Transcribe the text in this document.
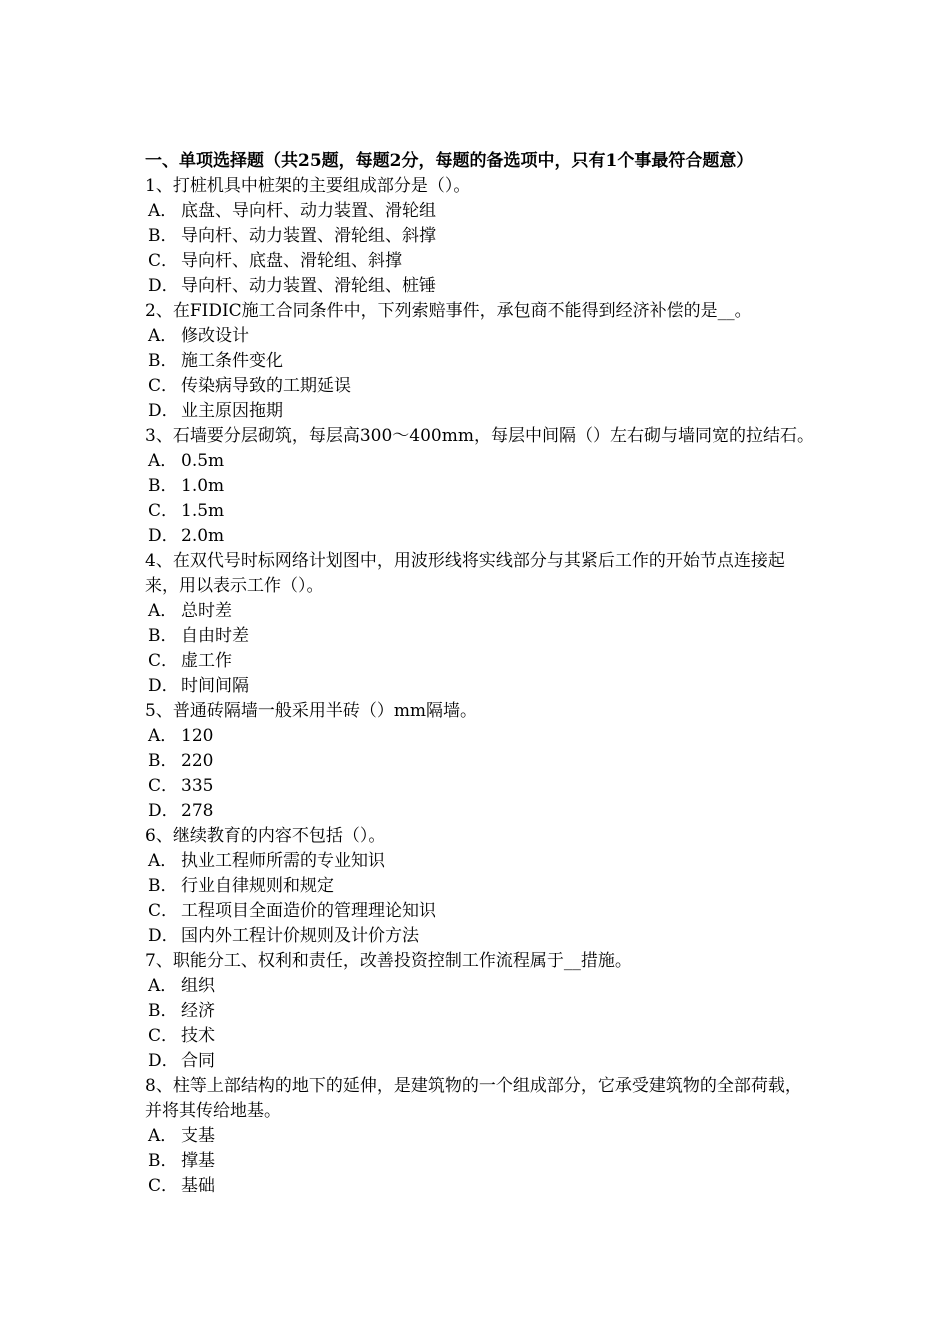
一、单项选择题（共25题，每题2分，每题的备选项中，只有1个事最符合题意）
1、打桩机具中桩架的主要组成部分是（）。
A． 底盘、导向杆、动力装置、滑轮组
B． 导向杆、动力装置、滑轮组、斜撑
C． 导向杆、底盘、滑轮组、斜撑
D． 导向杆、动力装置、滑轮组、桩锤
2、在FIDIC施工合同条件中，下列索赔事件，承包商不能得到经济补偿的是__。
A． 修改设计
B． 施工条件变化
C． 传染病导致的工期延误
D． 业主原因拖期
3、石墙要分层砌筑，每层高300～400mm，每层中间隔（）左右砌与墙同宽的拉结石。
A． 0.5m
B． 1.0m
C． 1.5m
D． 2.0m
4、在双代号时标网络计划图中，用波形线将实线部分与其紧后工作的开始节点连接起来，用以表示工作（）。
A． 总时差
B． 自由时差
C． 虚工作
D． 时间间隔
5、普通砖隔墙一般采用半砖（）mm隔墙。
A． 120
B． 220
C． 335
D． 278
6、继续教育的内容不包括（）。
A． 执业工程师所需的专业知识
B． 行业自律规则和规定
C． 工程项目全面造价的管理理论知识
D． 国内外工程计价规则及计价方法
7、职能分工、权利和责任，改善投资控制工作流程属于__措施。
A． 组织
B． 经济
C． 技术
D． 合同
8、柱等上部结构的地下的延伸，是建筑物的一个组成部分，它承受建筑物的全部荷载，并将其传给地基。
A． 支基
B． 撑基
C． 基础
